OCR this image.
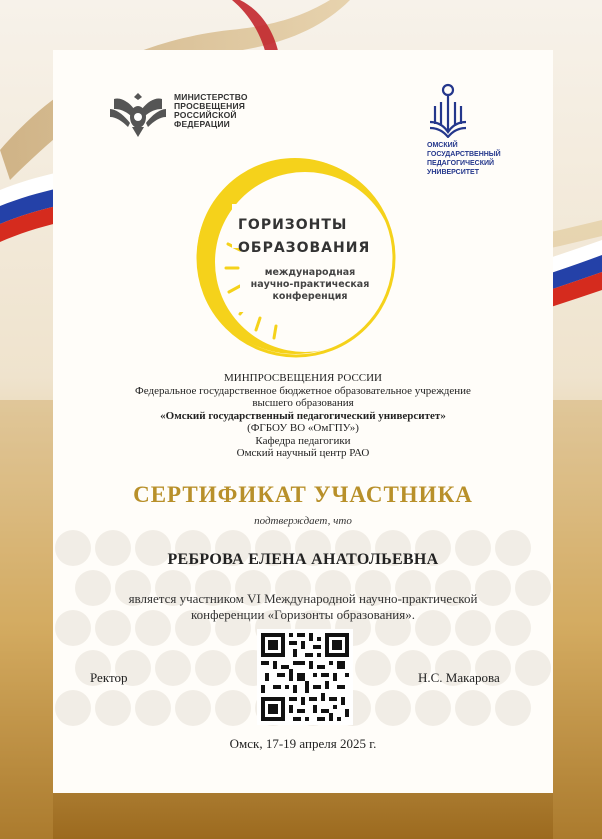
МИНИСТЕРСТВО
ПРОСВЕЩЕНИЯ
РОССИЙСКОЙ
ФЕДЕРАЦИИ
ОМСКИЙ
ГОСУДАРСТВЕННЫЙ
ПЕДАГОГИЧЕСКИЙ
УНИВЕРСИТЕТ
ГОРИЗОНТЫ
ОБРАЗОВАНИЯ
международная
научно-практическая
конференция
МИНПРОСВЕЩЕНИЯ РОССИИ
Федеральное государственное бюджетное образовательное учреждение
высшего образования
«Омский государственный педагогический университет»
(ФГБОУ ВО «ОмГПУ»)
Кафедра педагогики
Омский научный центр РАО
СЕРТИФИКАТ УЧАСТНИКА
подтверждает, что
РЕБРОВА ЕЛЕНА АНАТОЛЬЕВНА
является участником VI Международной научно-практической
конференции «Горизонты образования».
Ректор	Н.С. Макарова
Омск, 17-19 апреля 2025 г.
